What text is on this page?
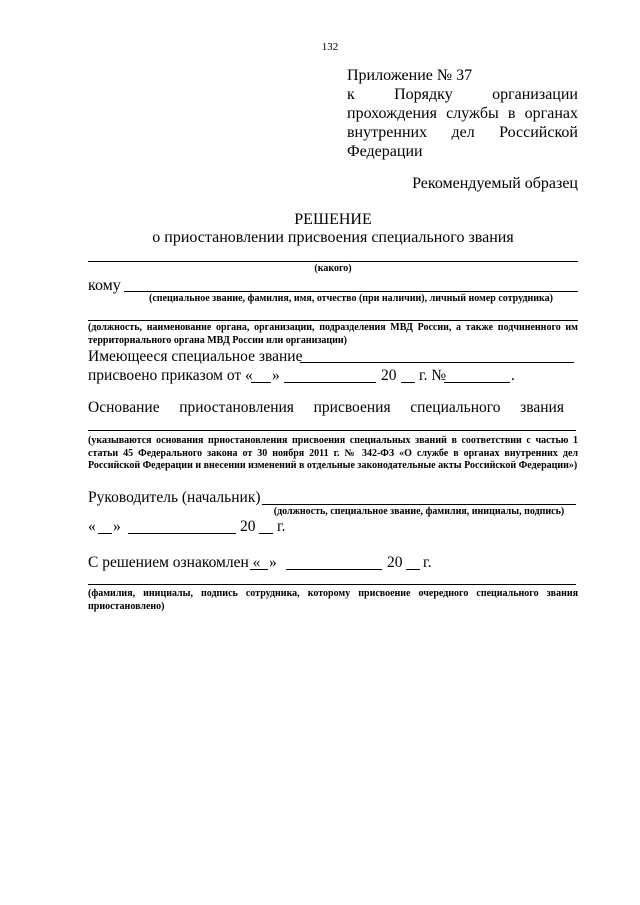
132
Приложение № 37
к Порядку организации
прохождения службы в органах
внутренних дел Российской
Федерации
Рекомендуемый образец
РЕШЕНИЕ
о приостановлении присвоения специального звания
(какого)
кому
(специальное звание, фамилия, имя, отчество (при наличии), личный номер сотрудника)
(должность, наименование органа, организации, подразделения МВД России, а также подчиненного им территориального органа МВД России или организации)
Имеющееся специальное звание
присвоено приказом от « »	20 г. №	.
Основание приостановления присвоения специального звания
(указываются основания приостановления присвоения специальных званий в соответствии с частью 1 статьи 45 Федерального закона от 30 ноября 2011 г. № 342-ФЗ «О службе в органах внутренних дел Российской Федерации и внесении изменений в отдельные законодательные акты Российской Федерации»)
Руководитель (начальник)
(должность, специальное звание, фамилия, инициалы, подпись)
« »	20 г.
С решением ознакомлен « »	20 г.
(фамилия, инициалы, подпись сотрудника, которому присвоение очередного специального звания приостановлено)
